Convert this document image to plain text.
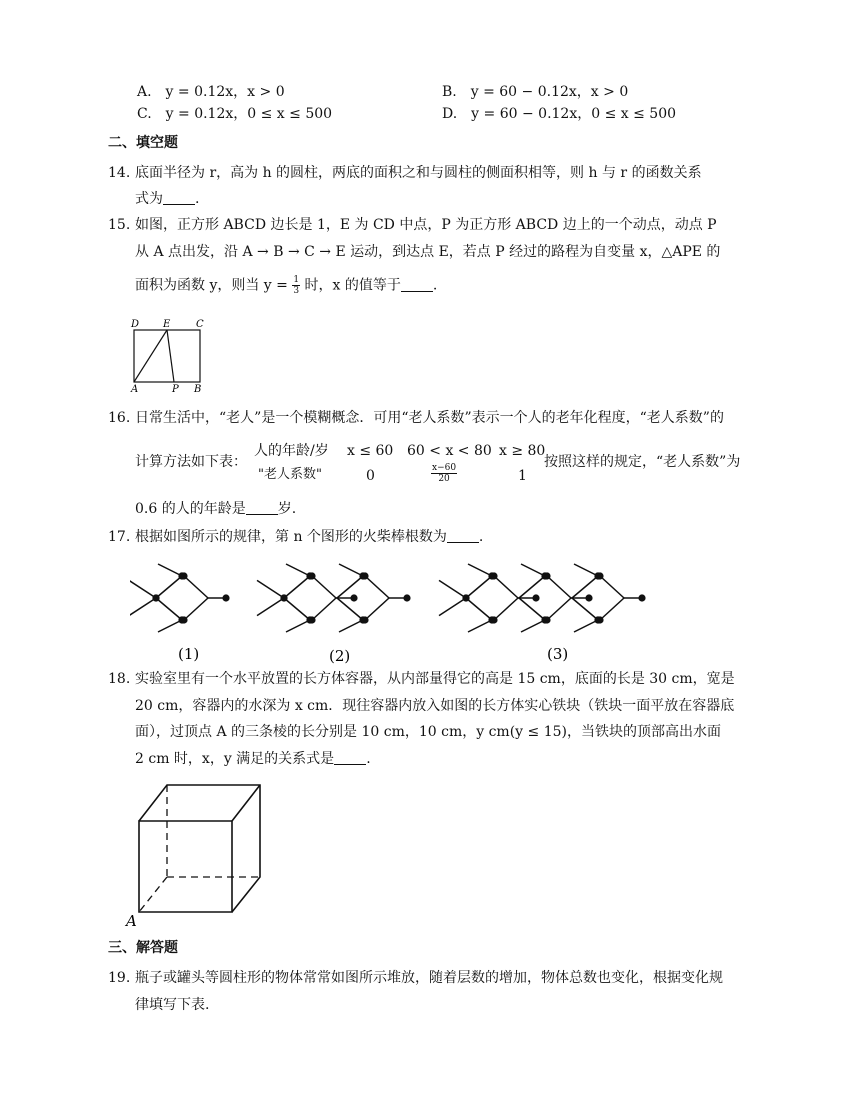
A.　y = 0.12x，x > 0	B.　y = 60 − 0.12x，x > 0
C.　y = 0.12x，0 ≤ x ≤ 500	D.　y = 60 − 0.12x，0 ≤ x ≤ 500
二、填空题
14. 底面半径为 r，高为 h 的圆柱，两底的面积之和与圆柱的侧面积相等，则 h 与 r 的函数关系
式为 .
15. 如图，正方形 ABCD 边长是 1，E 为 CD 中点，P 为正方形 ABCD 边上的一个动点，动点 P
从 A 点出发，沿 A → B → C → E 运动，到达点 E，若点 P 经过的路程为自变量 x，△APE 的
面积为函数 y，则当 $y = \frac{1}{3}$ 时，x 的值等于 .
D E	C
A	P B
16. 日常生活中，“老人”是一个模糊概念．可用“老人系数”表示一个人的老年化程度，“老人系数”的
计算方法如下表：
人的年龄/岁 x ≤ 60 60 < x < 80 x ≥ 80
"老人系数"	0	$\frac{x-60}{20}$	1
按照这样的规定，“老人系数”为
0.6 的人的年龄是 岁.
17. 根据如图所示的规律，第 n 个图形的火柴棒根数为 .
(1)	(2)	(3)
18. 实验室里有一个水平放置的长方体容器，从内部量得它的高是 15 cm，底面的长是 30 cm，宽是
20 cm，容器内的水深为 x cm．现往容器内放入如图的长方体实心铁块（铁块一面平放在容器底
面），过顶点 A 的三条棱的长分别是 10 cm，10 cm，y cm(y ≤ 15)，当铁块的顶部高出水面
2 cm 时，x，y 满足的关系式是 .
A
三、解答题
19. 瓶子或罐头等圆柱形的物体常常如图所示堆放，随着层数的增加，物体总数也变化，根据变化规
律填写下表.
